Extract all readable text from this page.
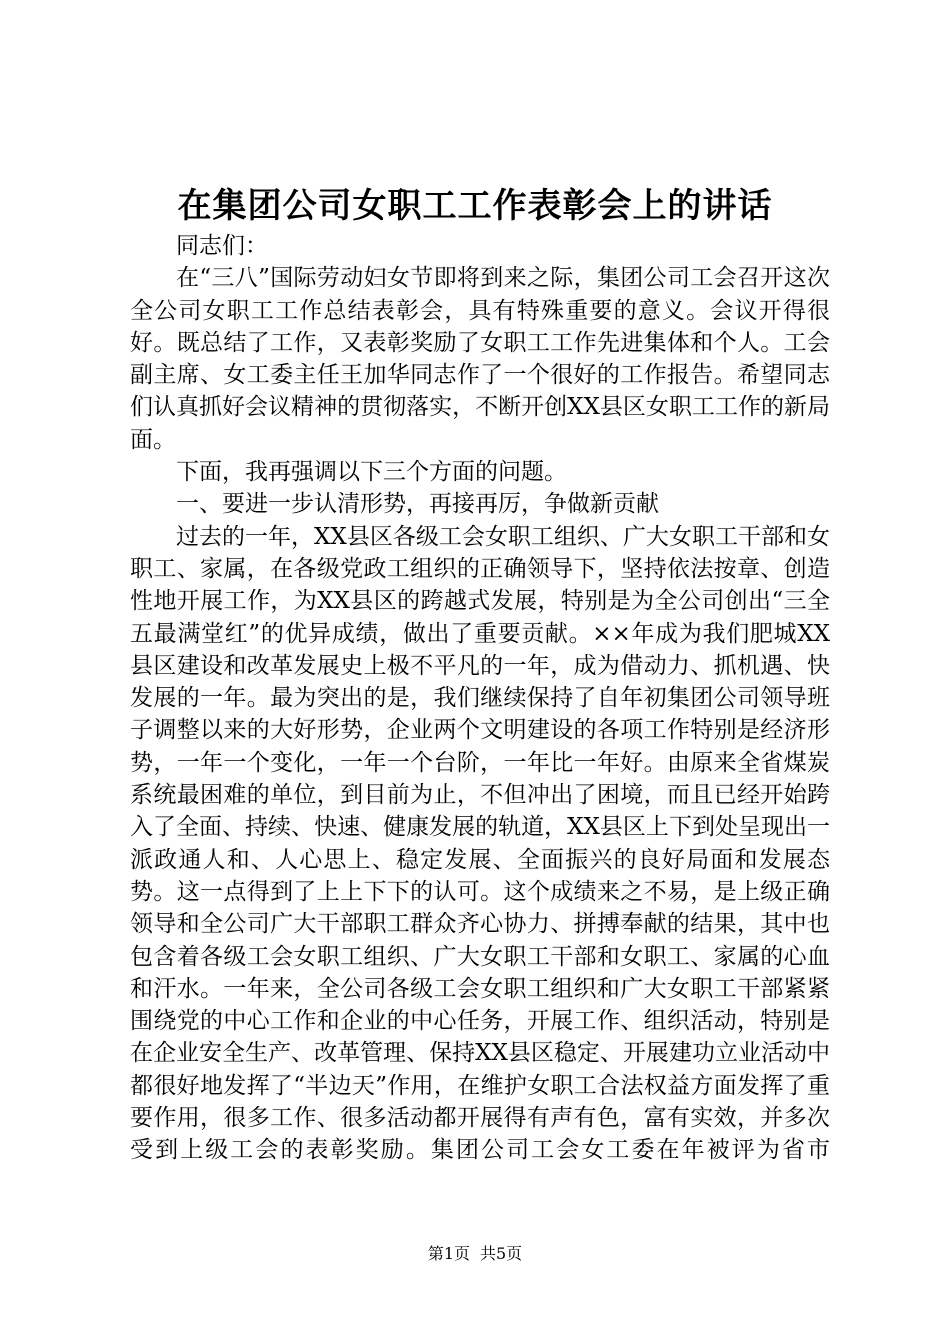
在集团公司女职工工作表彰会上的讲话

同志们：

在“三八”国际劳动妇女节即将到来之际，集团公司工会召开这次全公司女职工工作总结表彰会，具有特殊重要的意义。会议开得很好。既总结了工作，又表彰奖励了女职工工作先进集体和个人。工会副主席、女工委主任王加华同志作了一个很好的工作报告。希望同志们认真抓好会议精神的贯彻落实，不断开创XX县区女职工工作的新局面。

下面，我再强调以下三个方面的问题。

一、要进一步认清形势，再接再厉，争做新贡献

过去的一年，XX县区各级工会女职工组织、广大女职工干部和女职工、家属，在各级党政工组织的正确领导下，坚持依法按章、创造性地开展工作，为XX县区的跨越式发展，特别是为全公司创出“三全五最满堂红”的优异成绩，做出了重要贡献。××年成为我们肥城XX县区建设和改革发展史上极不平凡的一年，成为借动力、抓机遇、快发展的一年。最为突出的是，我们继续保持了自年初集团公司领导班子调整以来的大好形势，企业两个文明建设的各项工作特别是经济形势，一年一个变化，一年一个台阶，一年比一年好。由原来全省煤炭系统最困难的单位，到目前为止，不但冲出了困境，而且已经开始跨入了全面、持续、快速、健康发展的轨道，XX县区上下到处呈现出一派政通人和、人心思上、稳定发展、全面振兴的良好局面和发展态势。这一点得到了上上下下的认可。这个成绩来之不易，是上级正确领导和全公司广大干部职工群众齐心协力、拼搏奉献的结果，其中也包含着各级工会女职工组织、广大女职工干部和女职工、家属的心血和汗水。一年来，全公司各级工会女职工组织和广大女职工干部紧紧围绕党的中心工作和企业的中心任务，开展工作、组织活动，特别是在企业安全生产、改革管理、保持XX县区稳定、开展建功立业活动中都很好地发挥了“半边天”作用，在维护女职工合法权益方面发挥了重要作用，很多工作、很多活动都开展得有声有色，富有实效，并多次受到上级工会的表彰奖励。集团公司工会女工委在年被评为省市

第1页 共5页
